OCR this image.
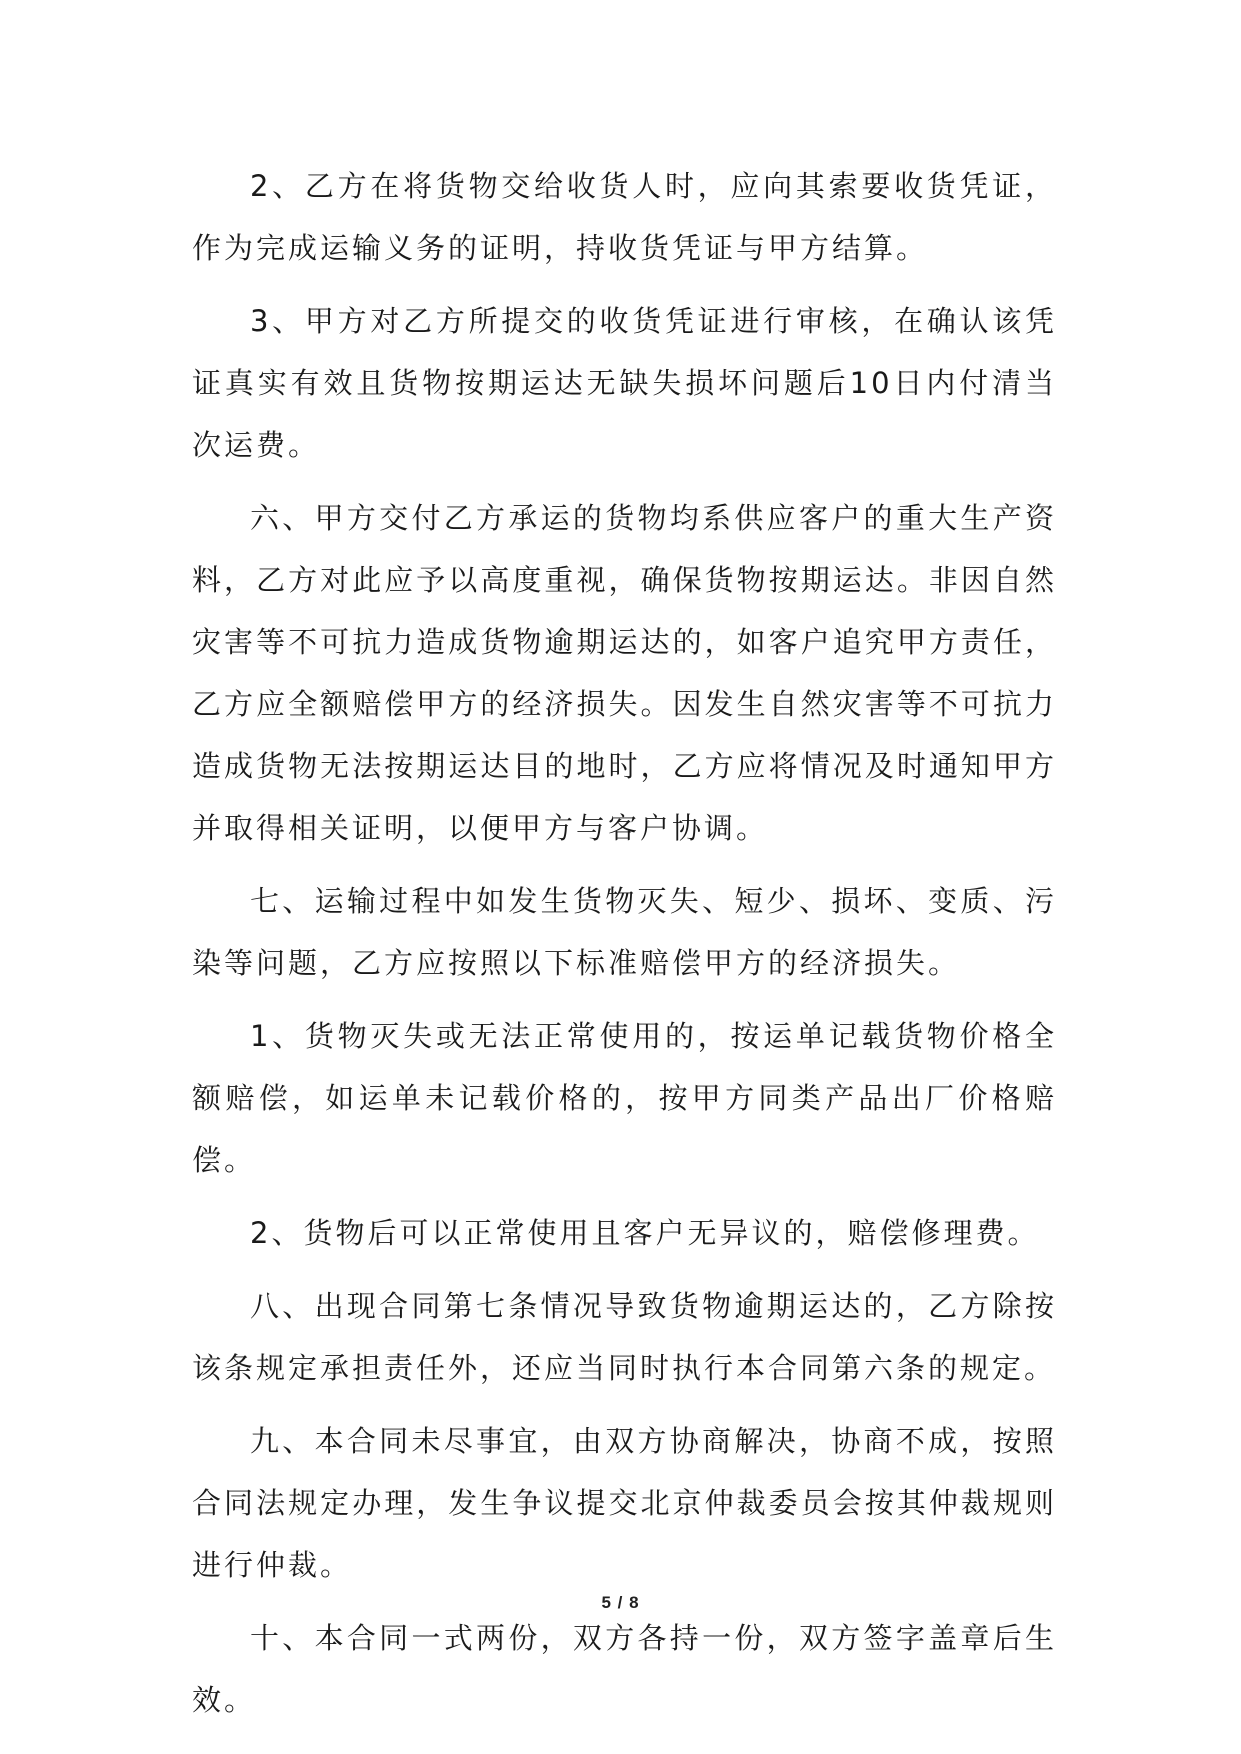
2、乙方在将货物交给收货人时，应向其索要收货凭证，作为完成运输义务的证明，持收货凭证与甲方结算。

3、甲方对乙方所提交的收货凭证进行审核，在确认该凭证真实有效且货物按期运达无缺失损坏问题后10日内付清当次运费。

六、甲方交付乙方承运的货物均系供应客户的重大生产资料，乙方对此应予以高度重视，确保货物按期运达。非因自然灾害等不可抗力造成货物逾期运达的，如客户追究甲方责任，乙方应全额赔偿甲方的经济损失。因发生自然灾害等不可抗力造成货物无法按期运达目的地时，乙方应将情况及时通知甲方并取得相关证明，以便甲方与客户协调。

七、运输过程中如发生货物灭失、短少、损坏、变质、污染等问题，乙方应按照以下标准赔偿甲方的经济损失。

1、货物灭失或无法正常使用的，按运单记载货物价格全额赔偿，如运单未记载价格的，按甲方同类产品出厂价格赔偿。

2、货物后可以正常使用且客户无异议的，赔偿修理费。

八、出现合同第七条情况导致货物逾期运达的，乙方除按该条规定承担责任外，还应当同时执行本合同第六条的规定。

九、本合同未尽事宜，由双方协商解决，协商不成，按照合同法规定办理，发生争议提交北京仲裁委员会按其仲裁规则进行仲裁。

十、本合同一式两份，双方各持一份，双方签字盖章后生效。

5 / 8
